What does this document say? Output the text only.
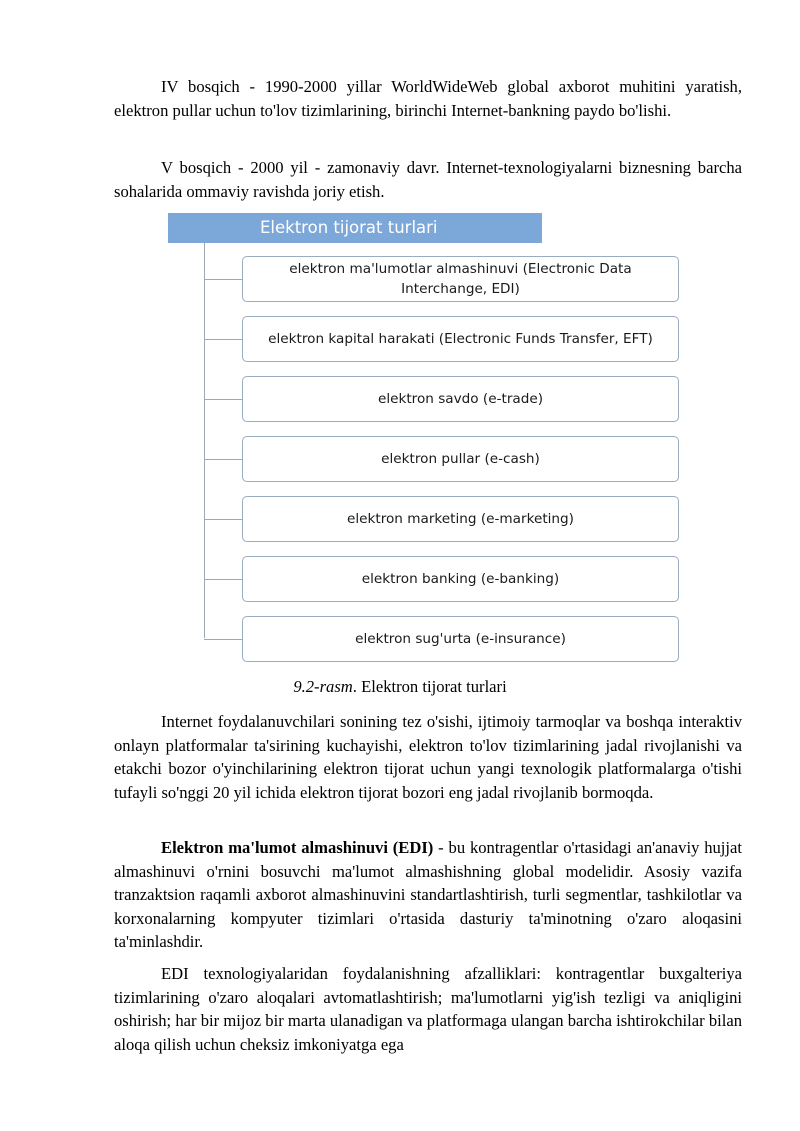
IV bosqich - 1990-2000 yillar WorldWideWeb global axborot muhitini yaratish, elektron pullar uchun to'lov tizimlarining, birinchi Internet-bankning paydo bo'lishi.

V bosqich - 2000 yil - zamonaviy davr. Internet-texnologiyalarni biznesning barcha sohalarida ommaviy ravishda joriy etish.

Elektron tijorat turlari
elektron ma'lumotlar almashinuvi (Electronic Data Interchange, EDI)
elektron kapital harakati (Electronic Funds Transfer, EFT)
elektron savdo (e-trade)
elektron pullar (e-cash)
elektron marketing (e-marketing)
elektron banking (e-banking)
elektron sug'urta (e-insurance)
9.2-rasm. Elektron tijorat turlari

Internet foydalanuvchilari sonining tez o'sishi, ijtimoiy tarmoqlar va boshqa interaktiv onlayn platformalar ta'sirining kuchayishi, elektron to'lov tizimlarining jadal rivojlanishi va etakchi bozor o'yinchilarining elektron tijorat uchun yangi texnologik platformalarga o'tishi tufayli so'nggi 20 yil ichida elektron tijorat bozori eng jadal rivojlanib bormoqda.

Elektron ma'lumot almashinuvi (EDI) - bu kontragentlar o'rtasidagi an'anaviy hujjat almashinuvi o'rnini bosuvchi ma'lumot almashishning global modelidir. Asosiy vazifa tranzaktsion raqamli axborot almashinuvini standartlashtirish, turli segmentlar, tashkilotlar va korxonalarning kompyuter tizimlari o'rtasida dasturiy ta'minotning o'zaro aloqasini ta'minlashdir.

EDI texnologiyalaridan foydalanishning afzalliklari: kontragentlar buxgalteriya tizimlarining o'zaro aloqalari avtomatlashtirish; ma'lumotlarni yig'ish tezligi va aniqligini oshirish; har bir mijoz bir marta ulanadigan va platformaga ulangan barcha ishtirokchilar bilan aloqa qilish uchun cheksiz imkoniyatga ega
